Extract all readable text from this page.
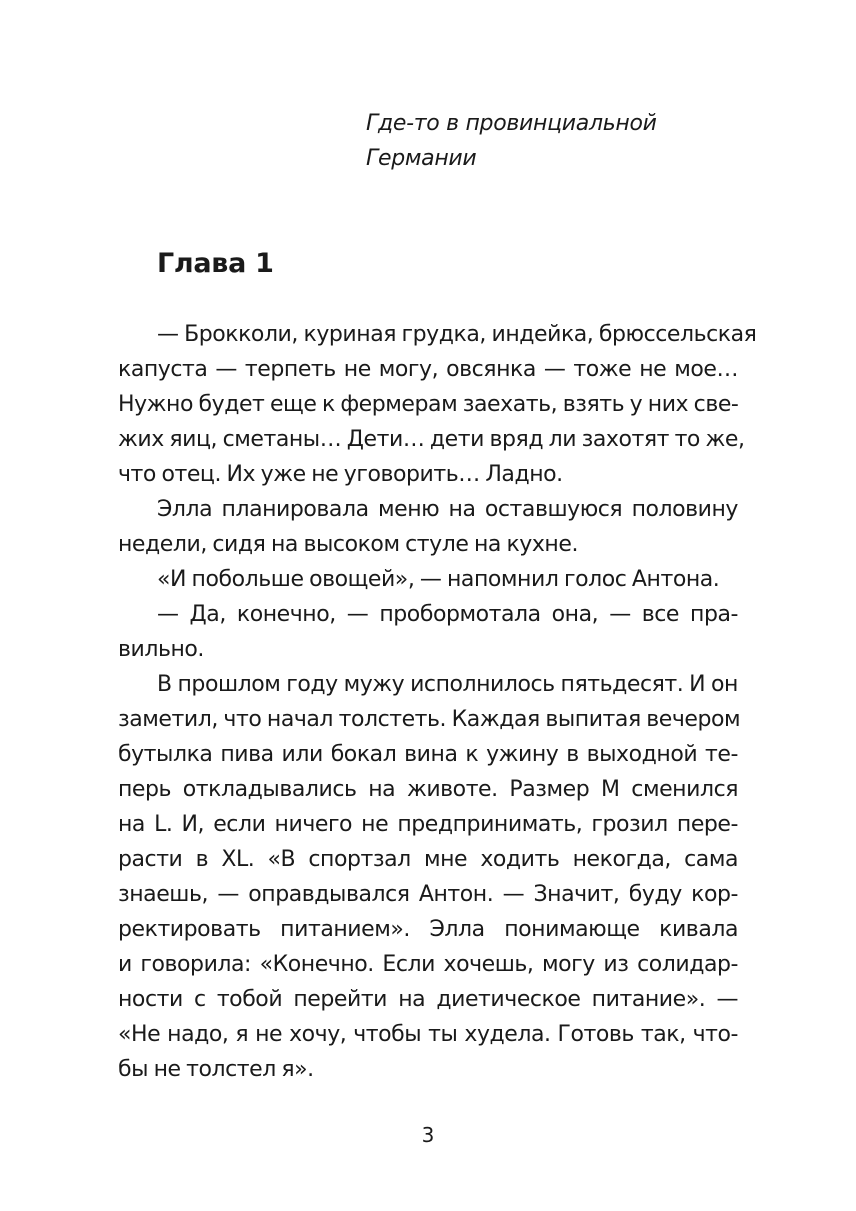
Где-то в провинциальной
Германии
Глава 1

— Брокколи, куриная грудка, индейка, брюссельская
капуста — терпеть не могу, овсянка — тоже не мое…
Нужно будет еще к фермерам заехать, взять у них све-
жих яиц, сметаны… Дети… дети вряд ли захотят то же,
что отец. Их уже не уговорить… Ладно.

Элла планировала меню на оставшуюся половину
недели, сидя на высоком стуле на кухне.

«И побольше овощей», — напомнил голос Антона.

— Да, конечно, — пробормотала она, — все пра-
вильно.

В прошлом году мужу исполнилось пятьдесят. И он
заметил, что начал толстеть. Каждая выпитая вечером
бутылка пива или бокал вина к ужину в выходной те-
перь откладывались на животе. Размер M сменился
на L. И, если ничего не предпринимать, грозил пере-
расти в XL. «В спортзал мне ходить некогда, сама
знаешь, — оправдывался Антон. — Значит, буду кор-
ректировать питанием». Элла понимающе кивала
и говорила: «Конечно. Если хочешь, могу из солидар-
ности с тобой перейти на диетическое питание». —
«Не надо, я не хочу, чтобы ты худела. Готовь так, что-
бы не толстел я».

3
